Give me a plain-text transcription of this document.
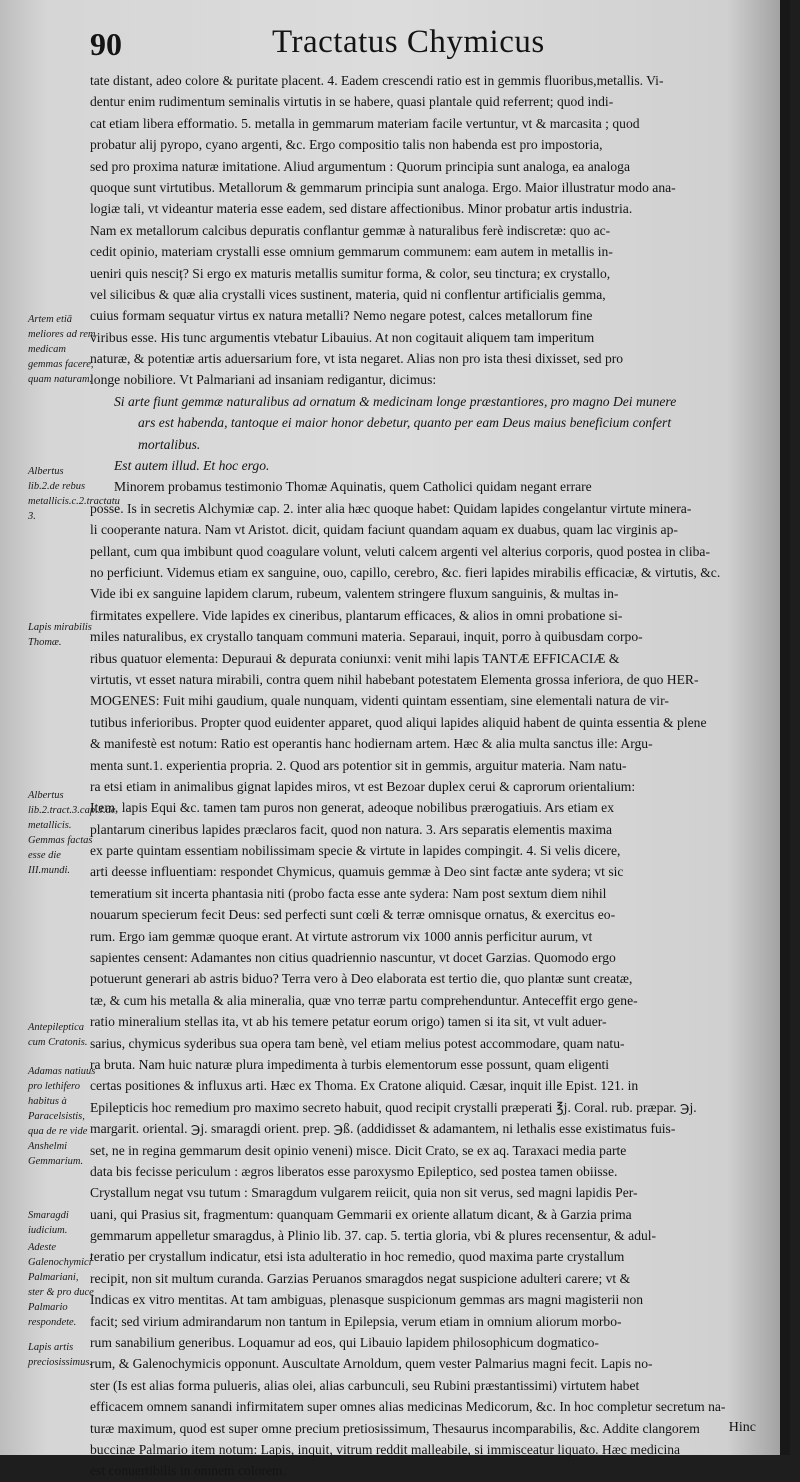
90	Tractatus Chymicus
Artem etiā meliores ad rem medicam gemmas facere, quam naturam.
Albertus lib.2.de rebus metallicis.c.2.tractatu 3.
Lapis mirabilis Thomæ.
Albertus lib.2.tract.3.cap.3.de metallicis. Gemmas factas esse die III.mundi.
Antepileptica cum Cratonis.
Adamas natiuus pro lethifero habitus à Paracelsistis, qua de re vide Anshelmi Gemmarium.
Smaragdi iudicium.
Adeste Galenochymici Palmariani, ster & pro duce Palmario respondete.
Lapis artis preciosissimus.
tate distant, adeo colore & puritate placent. 4. Eadem crescendi ratio est in gemmis fluoribus,metallis. Vi-
dentur enim rudimentum seminalis virtutis in se habere, quasi plantale quid referrent; quod indi-
cat etiam libera efformatio. 5. metalla in gemmarum materiam facile vertuntur, vt & marcasita ; quod
probatur alij pyropo, cyano argenti, &c. Ergo compositio talis non habenda est pro impostoria,
sed pro proxima naturæ imitatione. Aliud argumentum : Quorum principia sunt analoga, ea analoga
quoque sunt virtutibus. Metallorum & gemmarum principia sunt analoga. Ergo. Maior illustratur modo ana-
logiæ tali, vt videantur materia esse eadem, sed distare affectionibus. Minor probatur artis industria.
Nam ex metallorum calcibus depuratis conflantur gemmæ à naturalibus ferè indiscretæ: quo ac-
cedit opinio, materiam crystalli esse omnium gemmarum communem: eam autem in metallis in-
ueniri quis nesciț? Si ergo ex maturis metallis sumitur forma, & color, seu tinctura; ex crystallo,
vel silicibus & quæ alia crystalli vices sustinent, materia, quid ni conflentur artificialis gemma,
cuius formam sequatur virtus ex natura metalli? Nemo negare potest, calces metallorum fine
viribus esse. His tunc argumentis vtebatur Libauius. At non cogitauit aliquem tam imperitum
naturæ, & potentiæ artis aduersarium fore, vt ista negaret. Alias non pro ista thesi dixisset, sed pro
longe nobiliore. Vt Palmariani ad insaniam redigantur, dicimus:
Si arte fiunt gemmæ naturalibus ad ornatum & medicinam longe præstantiores, pro magno Dei munere
ars est habenda, tantoque ei maior honor debetur, quanto per eam Deus maius beneficium confert
mortalibus.
Est autem illud. Et hoc ergo.
Minorem probamus testimonio Thomæ Aquinatis, quem Catholici quidam negant errare
posse. Is in secretis Alchymiæ cap. 2. inter alia hæc quoque habet: Quidam lapides congelantur virtute minera-
li cooperante natura. Nam vt Aristot. dicit, quidam faciunt quandam aquam ex duabus, quam lac virginis ap-
pellant, cum qua imbibunt quod coagulare volunt, veluti calcem argenti vel alterius corporis, quod postea in cliba-
no perficiunt. Videmus etiam ex sanguine, ouo, capillo, cerebro, &c. fieri lapides mirabilis efficaciæ, & virtutis, &c.
Vide ibi ex sanguine lapidem clarum, rubeum, valentem stringere fluxum sanguinis, & multas in-
firmitates expellere. Vide lapides ex cineribus, plantarum efficaces, & alios in omni probatione si-
miles naturalibus, ex crystallo tanquam communi materia. Separaui, inquit, porro à quibusdam corpo-
ribus quatuor elementa: Depuraui & depurata coniunxi: venit mihi lapis TANTÆ EFFICACIÆ &
virtutis, vt esset natura mirabili, contra quem nihil habebant potestatem Elementa grossa inferiora, de quo HER-
MOGENES: Fuit mihi gaudium, quale nunquam, videnti quintam essentiam, sine elementali natura de vir-
tutibus inferioribus. Propter quod euidenter apparet, quod aliqui lapides aliquid habent de quinta essentia & plene
& manifestè est notum: Ratio est operantis hanc hodiernam artem. Hæc & alia multa sanctus ille: Argu-
menta sunt.1. experientia propria. 2. Quod ars potentior sit in gemmis, arguitur materia. Nam natu-
ra etsi etiam in animalibus gignat lapides miros, vt est Bezoar duplex cerui & caprorum orientalium:
Item, lapis Equi &c. tamen tam puros non generat, adeoque nobilibus prærogatiuis. Ars etiam ex
plantarum cineribus lapides præclaros facit, quod non natura. 3. Ars separatis elementis maxima
ex parte quintam essentiam nobilissimam specie & virtute in lapides compingit. 4. Si velis dicere,
arti deesse influentiam: respondet Chymicus, quamuis gemmæ à Deo sint factæ ante sydera; vt sic
temeratium sit incerta phantasia niti (probo facta esse ante sydera: Nam post sextum diem nihil
nouarum specierum fecit Deus: sed perfecti sunt cœli & terræ omnisque ornatus, & exercitus eo-
rum. Ergo iam gemmæ quoque erant. At virtute astrorum vix 1000 annis perficitur aurum, vt
sapientes censent: Adamantes non citius quadriennio nascuntur, vt docet Garzias. Quomodo ergo
potuerunt generari ab astris biduo? Terra vero à Deo elaborata est tertio die, quo plantæ sunt creatæ,
tæ, & cum his metalla & alia mineralia, quæ vno terræ partu comprehenduntur. Anteceffit ergo gene-
ratio mineralium stellas ita, vt ab his temere petatur eorum origo) tamen si ita sit, vt vult aduer-
sarius, chymicus syderibus sua opera tam benè, vel etiam melius potest accommodare, quam natu-
ra bruta. Nam huic naturæ plura impedimenta à turbis elementorum esse possunt, quam eligenti
certas positiones & influxus arti. Hæc ex Thoma. Ex Cratone aliquid. Cæsar, inquit ille Epist. 121. in
Epilepticis hoc remedium pro maximo secreto habuit, quod recipit crystalli præperati ℥j. Coral. rub. præpar. ℈j.
margarit. oriental. ℈j. smaragdi orient. prep. ℈ß. (addidisset & adamantem, ni lethalis esse existimatus fuis-
set, ne in regina gemmarum desit opinio veneni) misce. Dicit Crato, se ex aq. Taraxaci media parte
data bis fecisse periculum : ægros liberatos esse paroxysmo Epileptico, sed postea tamen obiisse.
Crystallum negat vsu tutum : Smaragdum vulgarem reiicit, quia non sit verus, sed magni lapidis Per-
uani, qui Prasius sit, fragmentum: quanquam Gemmarii ex oriente allatum dicant, & à Garzia prima
gemmarum appelletur smaragdus, à Plinio lib. 37. cap. 5. tertia gloria, vbi & plures recensentur, & adul-
teratio per crystallum indicatur, etsi ista adulteratio in hoc remedio, quod maxima parte crystallum
recipit, non sit multum curanda. Garzias Peruanos smaragdos negat suspicione adulteri carere; vt &
Indicas ex vitro mentitas. At tam ambiguas, plenasque suspicionum gemmas ars magni magisterii non
facit; sed virium admirandarum non tantum in Epilepsia, verum etiam in omnium aliorum morbo-
rum sanabilium generibus. Loquamur ad eos, qui Libauio lapidem philosophicum dogmatico-
rum, & Galenochymicis opponunt. Auscultate Arnoldum, quem vester Palmarius magni fecit. Lapis no-
ster (Is est alias forma pulueris, alias olei, alias carbunculi, seu Rubini præstantissimi) virtutem habet
efficacem omnem sanandi infirmitatem super omnes alias medicinas Medicorum, &c. In hoc completur secretum na-
turæ maximum, quod est super omne precium pretiosissimum, Thesaurus incomparabilis, &c. Addite clangorem
buccinæ Palmario item notum: Lapis, inquit, vitrum reddit malleabile, si immisceatur liquato. Hæc medicina
est conuertibilis in omnem colorem.
Hinc
